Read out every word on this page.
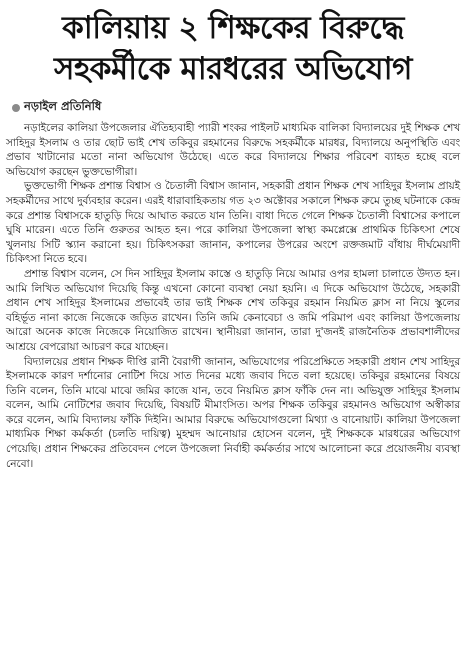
কালিয়ায় ২ শিক্ষকের বিরুদ্ধে
সহকর্মীকে মারধরের অভিযোগ
নড়াইল প্রতিনিধি

নড়াইলের কালিয়া উপজেলার ঐতিহ্যবাহী প্যারী শংকর পাইলট মাধ্যমিক বালিকা বিদ্যালয়ের দুই শিক্ষক শেখ সাহিদুর ইসলাম ও তার ছোট ভাই শেখ তকিবুর রহমানের বিরুদ্ধে সহকর্মীকে মারধর, বিদ্যালয়ে অনুপস্থিতি এবং প্রভাব খাটানোর মতো নানা অভিযোগ উঠেছে। এতে করে বিদ্যালয়ে শিক্ষার পরিবেশ ব্যাহত হচ্ছে বলে অভিযোগ করছেন ভুক্তভোগীরা।

ভুক্তভোগী শিক্ষক প্রশান্ত বিশ্বাস ও চৈতালী বিশ্বাস জানান, সহকারী প্রধান শিক্ষক শেখ সাহিদুর ইসলাম প্রায়ই সহকর্মীদের সাথে দুর্ব্যবহার করেন। এরই ধারাবাহিকতায় গত ২৩ অক্টোবর সকালে শিক্ষক রুমে তুচ্ছ ঘটনাকে কেন্দ্র করে প্রশান্ত বিশ্বাসকে হাতুড়ি দিয়ে আঘাত করতে যান তিনি। বাধা দিতে গেলে শিক্ষক চৈতালী বিশ্বাসের কপালে ঘুষি মারেন। এতে তিনি গুরুতর আহত হন। পরে কালিয়া উপজেলা স্বাস্থ্য কমপ্লেক্সে প্রাথমিক চিকিৎসা শেষে খুলনায় সিটি স্ক্যান করানো হয়। চিকিৎসকরা জানান, কপালের উপরের অংশে রক্তজমাট বাঁধায় দীর্ঘমেয়াদী চিকিৎসা নিতে হবে।

প্রশান্ত বিশ্বাস বলেন, সে দিন সাহিদুর ইসলাম কাস্তে ও হাতুড়ি নিয়ে আমার ওপর হামলা চালাতে উদ্যত হন। আমি লিখিত অভিযোগ দিয়েছি কিন্তু এখনো কোনো ব্যবস্থা নেয়া হয়নি। এ দিকে অভিযোগ উঠেছে, সহকারী প্রধান শেখ সাহিদুর ইসলামের প্রভাবেই তার ভাই শিক্ষক শেখ তকিবুর রহমান নিয়মিত ক্লাস না নিয়ে স্কুলের বহির্ভূত নানা কাজে নিজেকে জড়িত রাখেন। তিনি জমি কেনাবেচা ও জমি পরিমাপ এবং কালিয়া উপজেলায় আরো অনেক কাজে নিজেকে নিয়োজিত রাখেন। স্থানীয়রা জানান, তারা দু'জনই রাজনৈতিক প্রভাবশালীদের আশ্রয়ে বেপরোয়া আচরণ করে যাচ্ছেন।

বিদ্যালয়ের প্রধান শিক্ষক দীপ্তি রানী বৈরাগী জানান, অভিযোগের পরিপ্রেক্ষিতে সহকারী প্রধান শেখ সাহিদুর ইসলামকে কারণ দর্শানোর নোটিশ দিয়ে সাত দিনের মধ্যে জবাব দিতে বলা হয়েছে। তকিবুর রহমানের বিষয়ে তিনি বলেন, তিনি মাঝে মাঝে জমির কাজে যান, তবে নিয়মিত ক্লাস ফাঁকি দেন না। অভিযুক্ত সাহিদুর ইসলাম বলেন, আমি নোটিশের জবাব দিয়েছি, বিষয়টি মীমাংসিত। অপর শিক্ষক তকিবুর রহমানও অভিযোগ অস্বীকার করে বলেন, আমি বিদ্যালয় ফাঁকি দিইনি। আমার বিরুদ্ধে অভিযোগগুলো মিথ্যা ও বানোয়াট। কালিয়া উপজেলা মাধ্যমিক শিক্ষা কর্মকর্তা (চলতি দায়িত্ব) মুহম্মদ আনোয়ার হোসেন বলেন, দুই শিক্ষককে মারধরের অভিযোগ পেয়েছি। প্রধান শিক্ষকের প্রতিবেদন পেলে উপজেলা নির্বাহী কর্মকর্তার সাথে আলোচনা করে প্রয়োজনীয় ব্যবস্থা নেবো।
